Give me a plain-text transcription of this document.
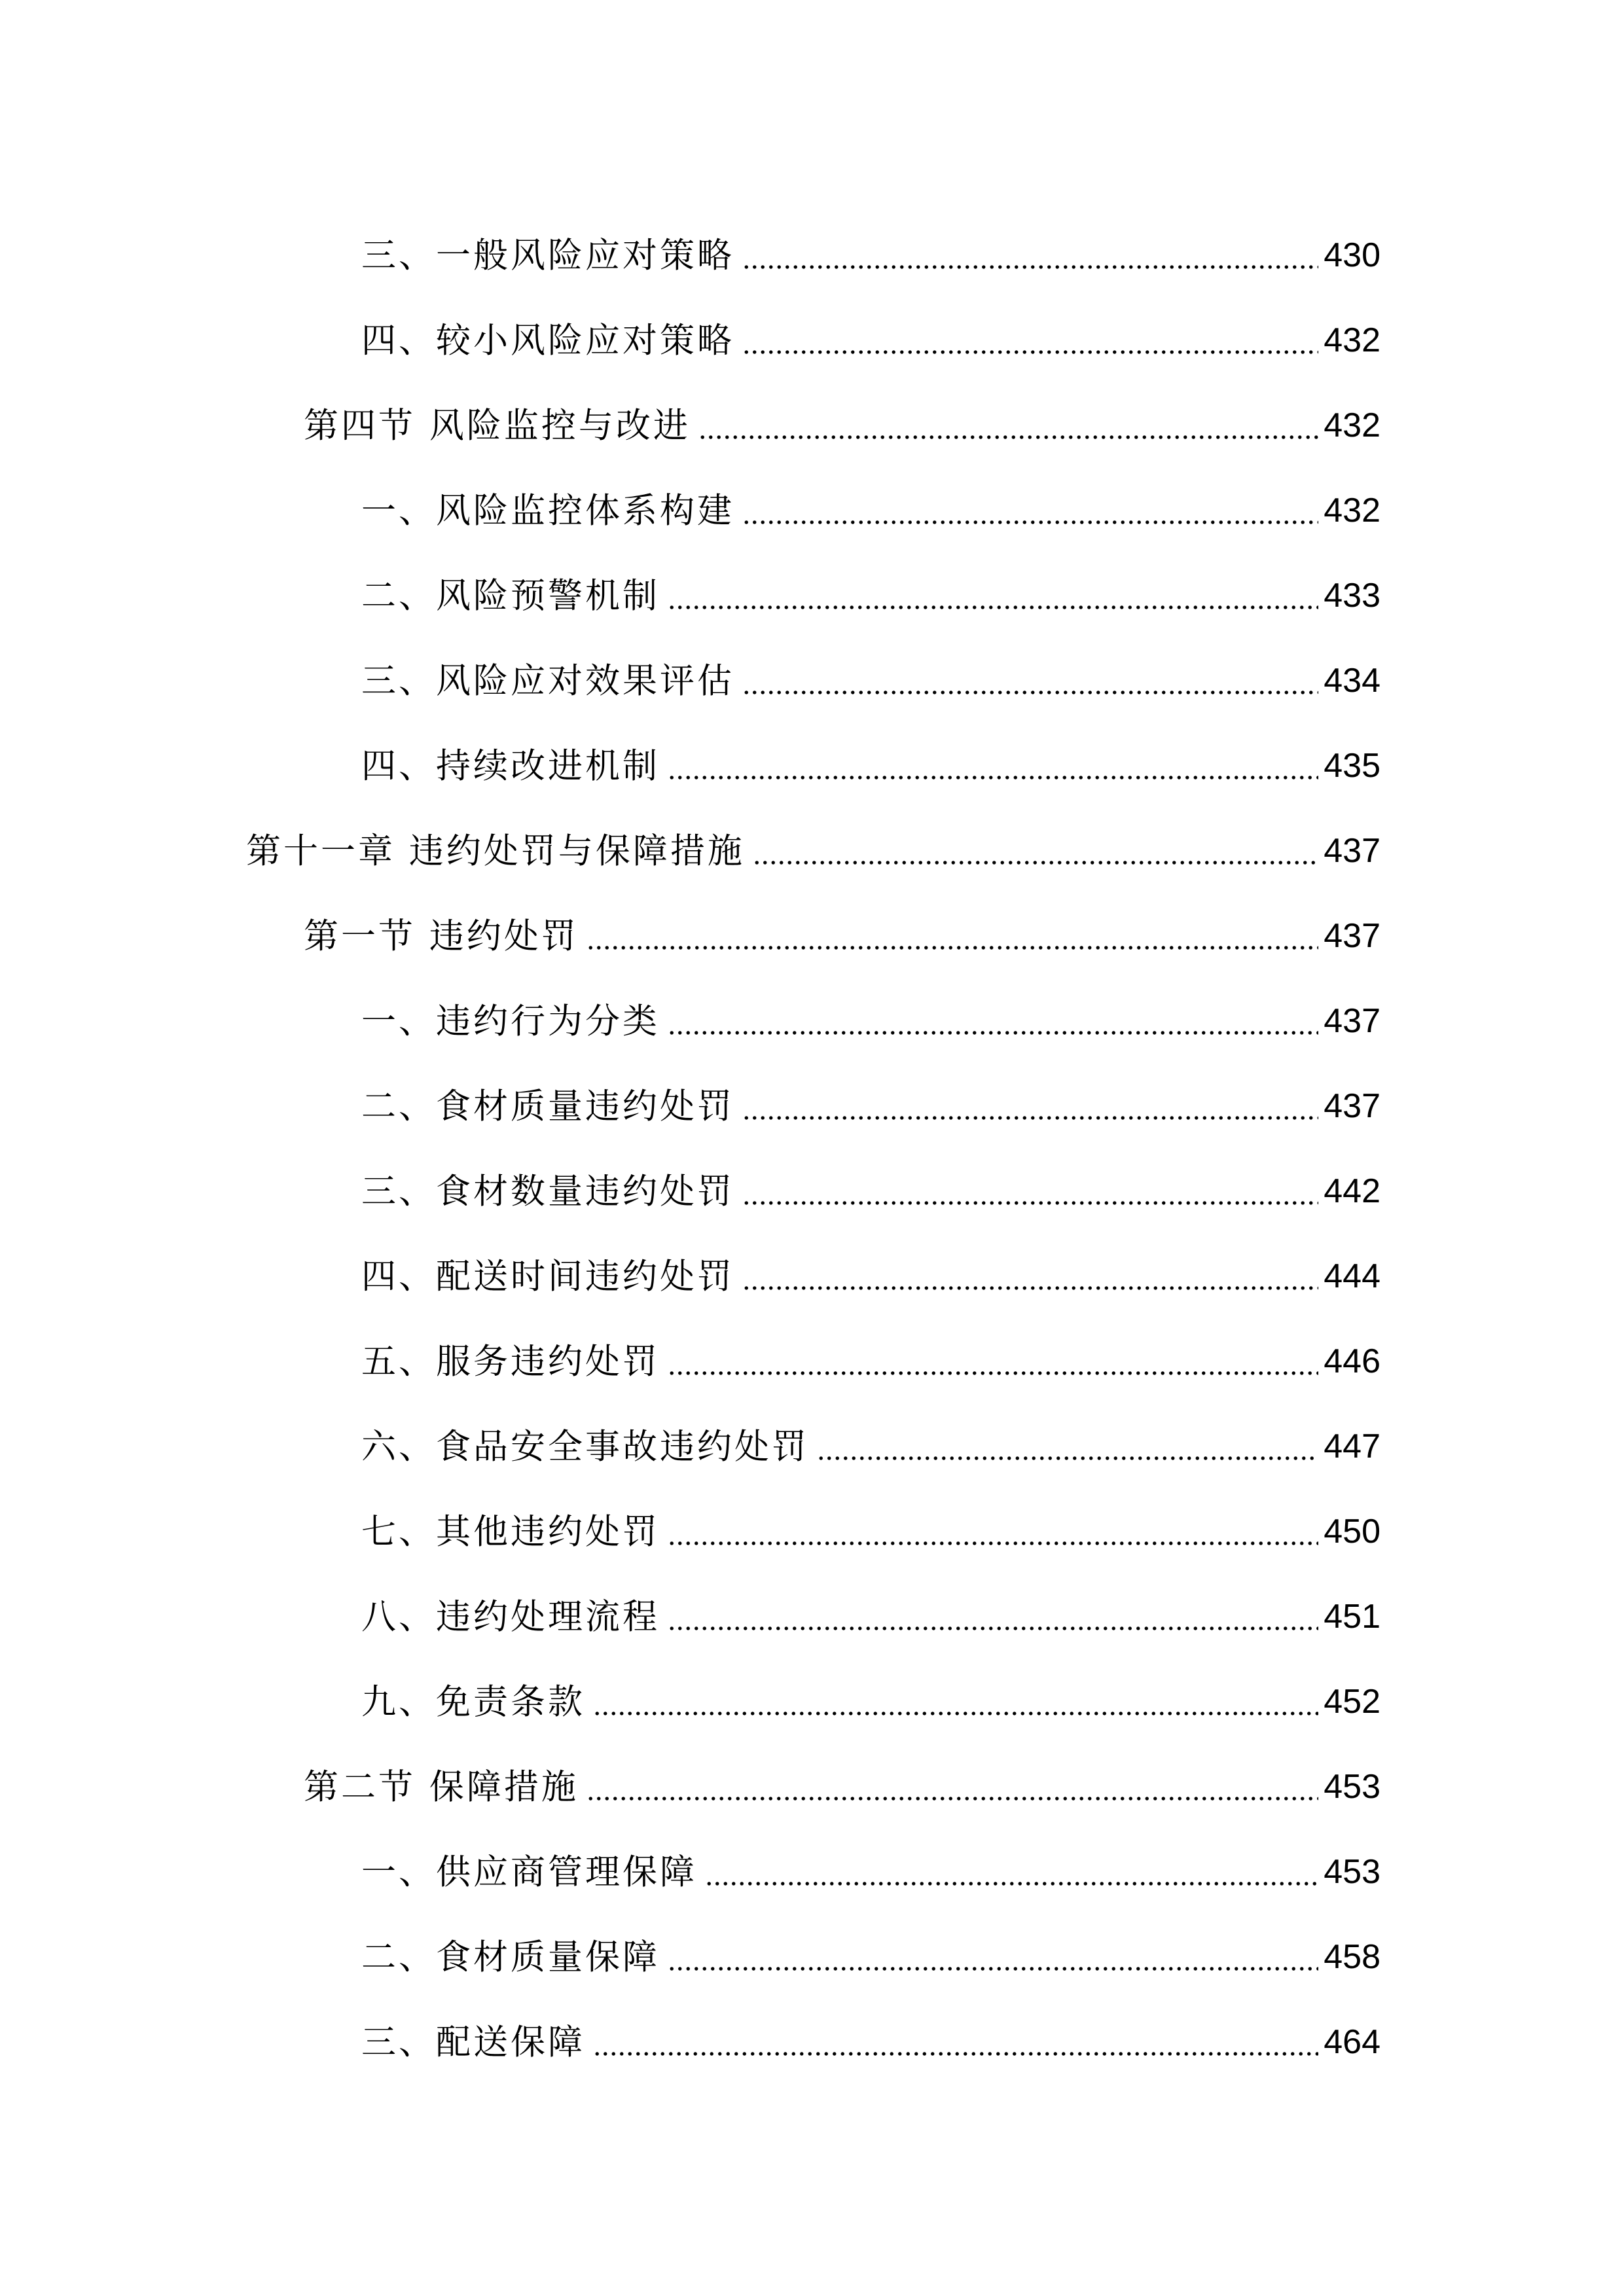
三、一般风险应对策略	430
四、较小风险应对策略	432
第四节 风险监控与改进	432
一、风险监控体系构建	432
二、风险预警机制	433
三、风险应对效果评估	434
四、持续改进机制	435
第十一章 违约处罚与保障措施	437
第一节 违约处罚	437
一、违约行为分类	437
二、食材质量违约处罚	437
三、食材数量违约处罚	442
四、配送时间违约处罚	444
五、服务违约处罚	446
六、食品安全事故违约处罚	447
七、其他违约处罚	450
八、违约处理流程	451
九、免责条款	452
第二节 保障措施	453
一、供应商管理保障	453
二、食材质量保障	458
三、配送保障	464
